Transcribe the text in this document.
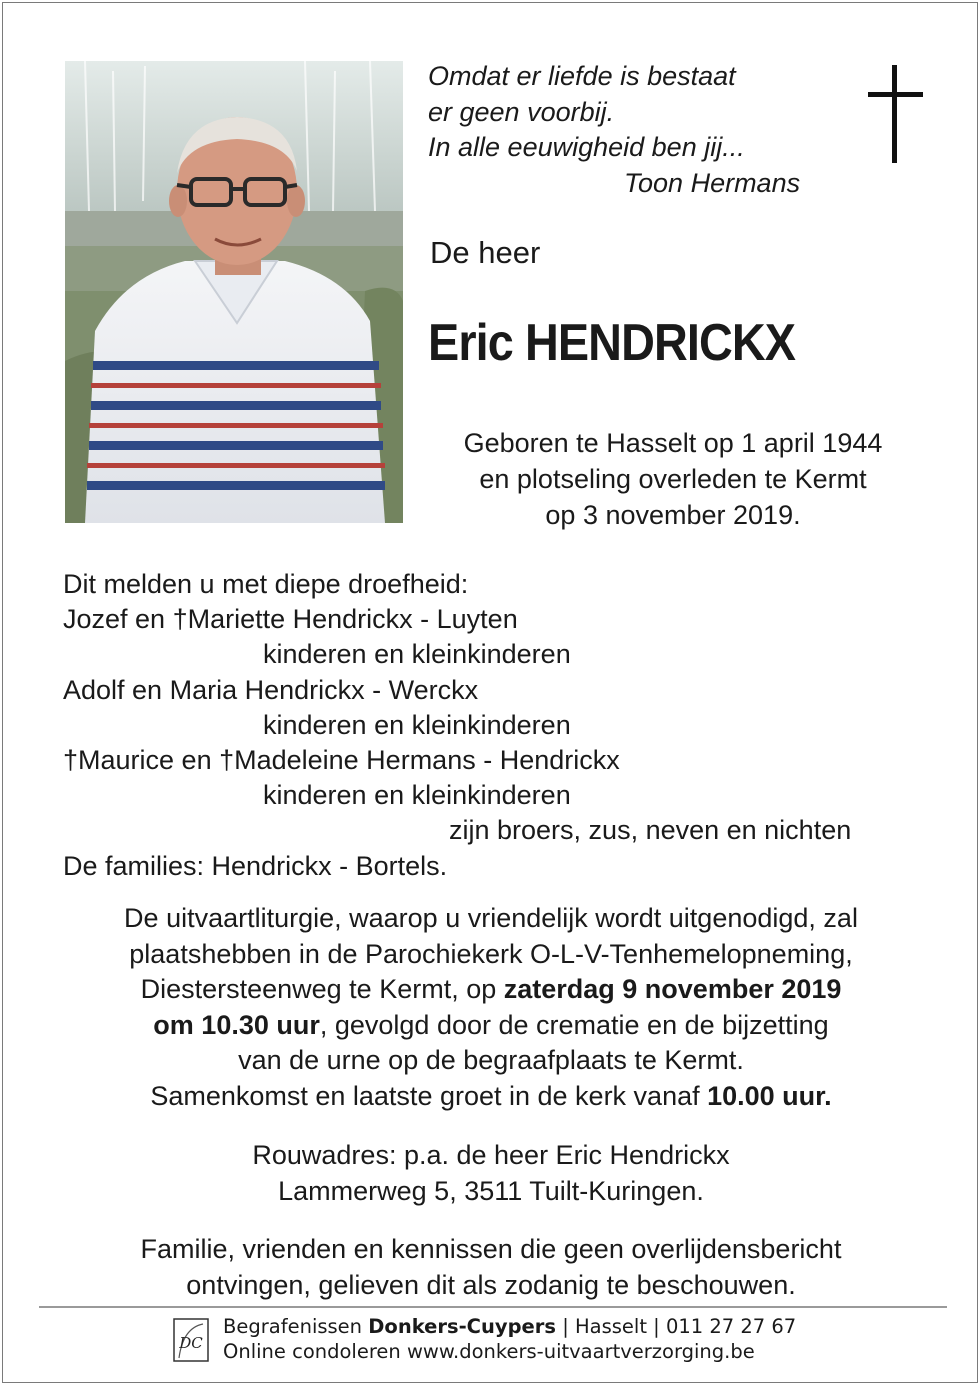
Omdat er liefde is bestaat
er geen voorbij.
In alle eeuwigheid ben jij...
Toon Hermans
De heer
Eric HENDRICKX
Geboren te Hasselt op 1 april 1944
en plotseling overleden te Kermt
op 3 november 2019.
Dit melden u met diepe droefheid:
Jozef en †Mariette Hendrickx - Luyten
kinderen en kleinkinderen
Adolf en Maria Hendrickx - Werckx
kinderen en kleinkinderen
†Maurice en †Madeleine Hermans - Hendrickx
kinderen en kleinkinderen
zijn broers, zus, neven en nichten
De families: Hendrickx - Bortels.
De uitvaartliturgie, waarop u vriendelijk wordt uitgenodigd, zal
plaatshebben in de Parochiekerk O-L-V-Tenhemelopneming,
Diestersteenweg te Kermt, op zaterdag 9 november 2019
om 10.30 uur, gevolgd door de crematie en de bijzetting
van de urne op de begraafplaats te Kermt.
Samenkomst en laatste groet in de kerk vanaf 10.00 uur.
Rouwadres: p.a. de heer Eric Hendrickx
Lammerweg 5, 3511 Tuilt-Kuringen.
Familie, vrienden en kennissen die geen overlijdensbericht
ontvingen, gelieven dit als zodanig te beschouwen.
DC
Begrafenissen Donkers-Cuypers | Hasselt | 011 27 27 67
Online condoleren www.donkers-uitvaartverzorging.be
